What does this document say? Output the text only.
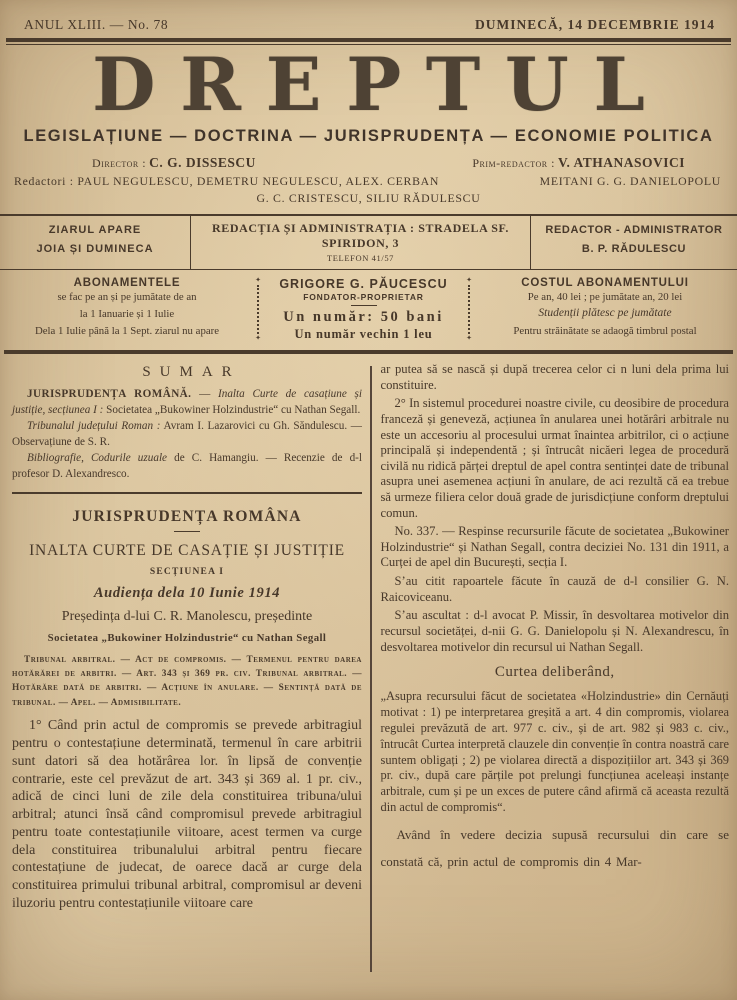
ANUL XLIII. — No. 78	DUMINECĂ, 14 DECEMBRIE 1914
DREPTUL
LEGISLAȚIUNE — DOCTRINA — JURISPRUDENȚA — ECONOMIE POLITICA
Director : C. G. DISSESCU	Prim-redactor : V. ATHANASOVICI
Redactori : PAUL NEGULESCU, DEMETRU NEGULESCU, ALEX. CERBAN	MEITANI G. G. DANIELOPOLU
G. C. CRISTESCU, SILIU RĂDULESCU
ZIARUL APARE
JOIA ȘI DUMINECA
REDACȚIA ȘI ADMINISTRAȚIA : STRADELA SF. SPIRIDON, 3
TELEFON 41/57
REDACTOR - ADMINISTRATOR
B. P. RĂDULESCU
ABONAMENTELE
se fac pe an și pe jumătate de an
la 1 Ianuarie și 1 Iulie
Dela 1 Iulie până la 1 Sept. ziarul nu apare
✦
✦
GRIGORE G. PĂUCESCU
FONDATOR-PROPRIETAR
Un număr: 50 bani
Un număr vechin 1 leu
✦
✦
COSTUL ABONAMENTULUI
Pe an, 40 lei ; pe jumătate an, 20 lei
Studenții plătesc pe jumătate
Pentru străinătate se adaogă timbrul postal
SUMAR

JURISPRUDENȚA ROMÂNĂ. — Inalta Curte de casațiune și justiție, secțiunea I : Societatea „Bukowiner Holzindustrie“ cu Nathan Segall.

Tribunalul județului Roman : Avram I. Lazarovici cu Gh. Săndulescu. — Observațiune de S. R.

Bibliografie, Codurile uzuale de C. Hamangiu. — Recenzie de d-l profesor D. Alexandresco.

JURISPRUDENȚA ROMÂNA
INALTA CURTE DE CASAȚIE ȘI JUSTIȚIE
SECȚIUNEA I
Audiența dela 10 Iunie 1914
Președința d-lui C. R. Manolescu, președinte
Societatea „Bukowiner Holzindustrie“ cu Nathan Segall
Tribunal arbitral. — Act de compromis. — Termenul pentru darea hotărărei de arbitri. — Art. 343 și 369 pr. civ. Tribunal arbitral. — Hotărăre dată de arbitri. — Acțiune în anulare. — Sentință dată de tribunal. — Apel. — Admisibilitate.

1° Când prin actul de compromis se prevede arbitragiul pentru o contestațiune determinată, termenul în care arbitrii sunt datori să dea hotărârea lor. în lipsă de convenție contrarie, este cel prevăzut de art. 343 și 369 al. 1 pr. civ., adică de cinci luni de zile dela constituirea tribuna/ului arbitral; atunci însă când compromisul prevede arbitragiul pentru toate contestațiunile viitoare, acest termen va curge dela constituirea tribunalului arbitral pentru fiecare contestațiune de judecat, de oarece dacă ar curge dela constituirea primului tribunal arbitral, compromisul ar deveni iluzoriu pentru contestațiunile viitoare care

ar putea să se nască și după trecerea celor ci n luni dela prima lui constituire.

2° In sistemul procedurei noastre civile, cu deosibire de procedura franceză și geneveză, acțiunea în anularea unei hotărâri arbitrale nu este un accesoriu al procesului urmat înaintea arbitrilor, ci o acțiune principală și independentă ; și întrucât nicăeri legea de procedură civilă nu ridică părței dreptul de apel contra sentinței date de tribunal asupra unei asemenea acțiuni în anulare, de aci rezultă că ea trebue să urmeze filiera celor două grade de jurisdicțiune conform dreptului comun.

No. 337. — Respinse recursurile făcute de societatea „Bukowiner Holzindustrie“ și Nathan Segall, contra deciziei No. 131 din 1911, a Curței de apel din București, secția I.

S’au citit rapoartele făcute în cauză de d-l consilier G. N. Raicoviceanu.

S’au ascultat : d-l avocat P. Missir, în desvoltarea motivelor din recursul societăței, d-nii G. G. Danielopolu și N. Alexandrescu, în desvoltarea motivelor din recursul ui Nathan Segall.

Curtea deliberând,

„Asupra recursului făcut de societatea «Holzindustrie» din Cernăuți motivat : 1) pe interpretarea greșită a art. 4 din compromis, violarea regulei prevăzută de art. 977 c. civ., și de art. 982 și 983 c. civ., întrucât Curtea interpretă clauzele din convenție în contra noastră care suntem obligați ; 2) pe violarea directă a dispozițiilor art. 343 și 369 pr. civ., după care părțile pot prelungi funcțiunea aceleași instanțe arbitrale, cum și pe un exces de putere când afirmă că aceasta rezultă din actul de compromis“.

Având în vedere decizia supusă recursului din care se constată că, prin actul de compromis din 4 Mar-
